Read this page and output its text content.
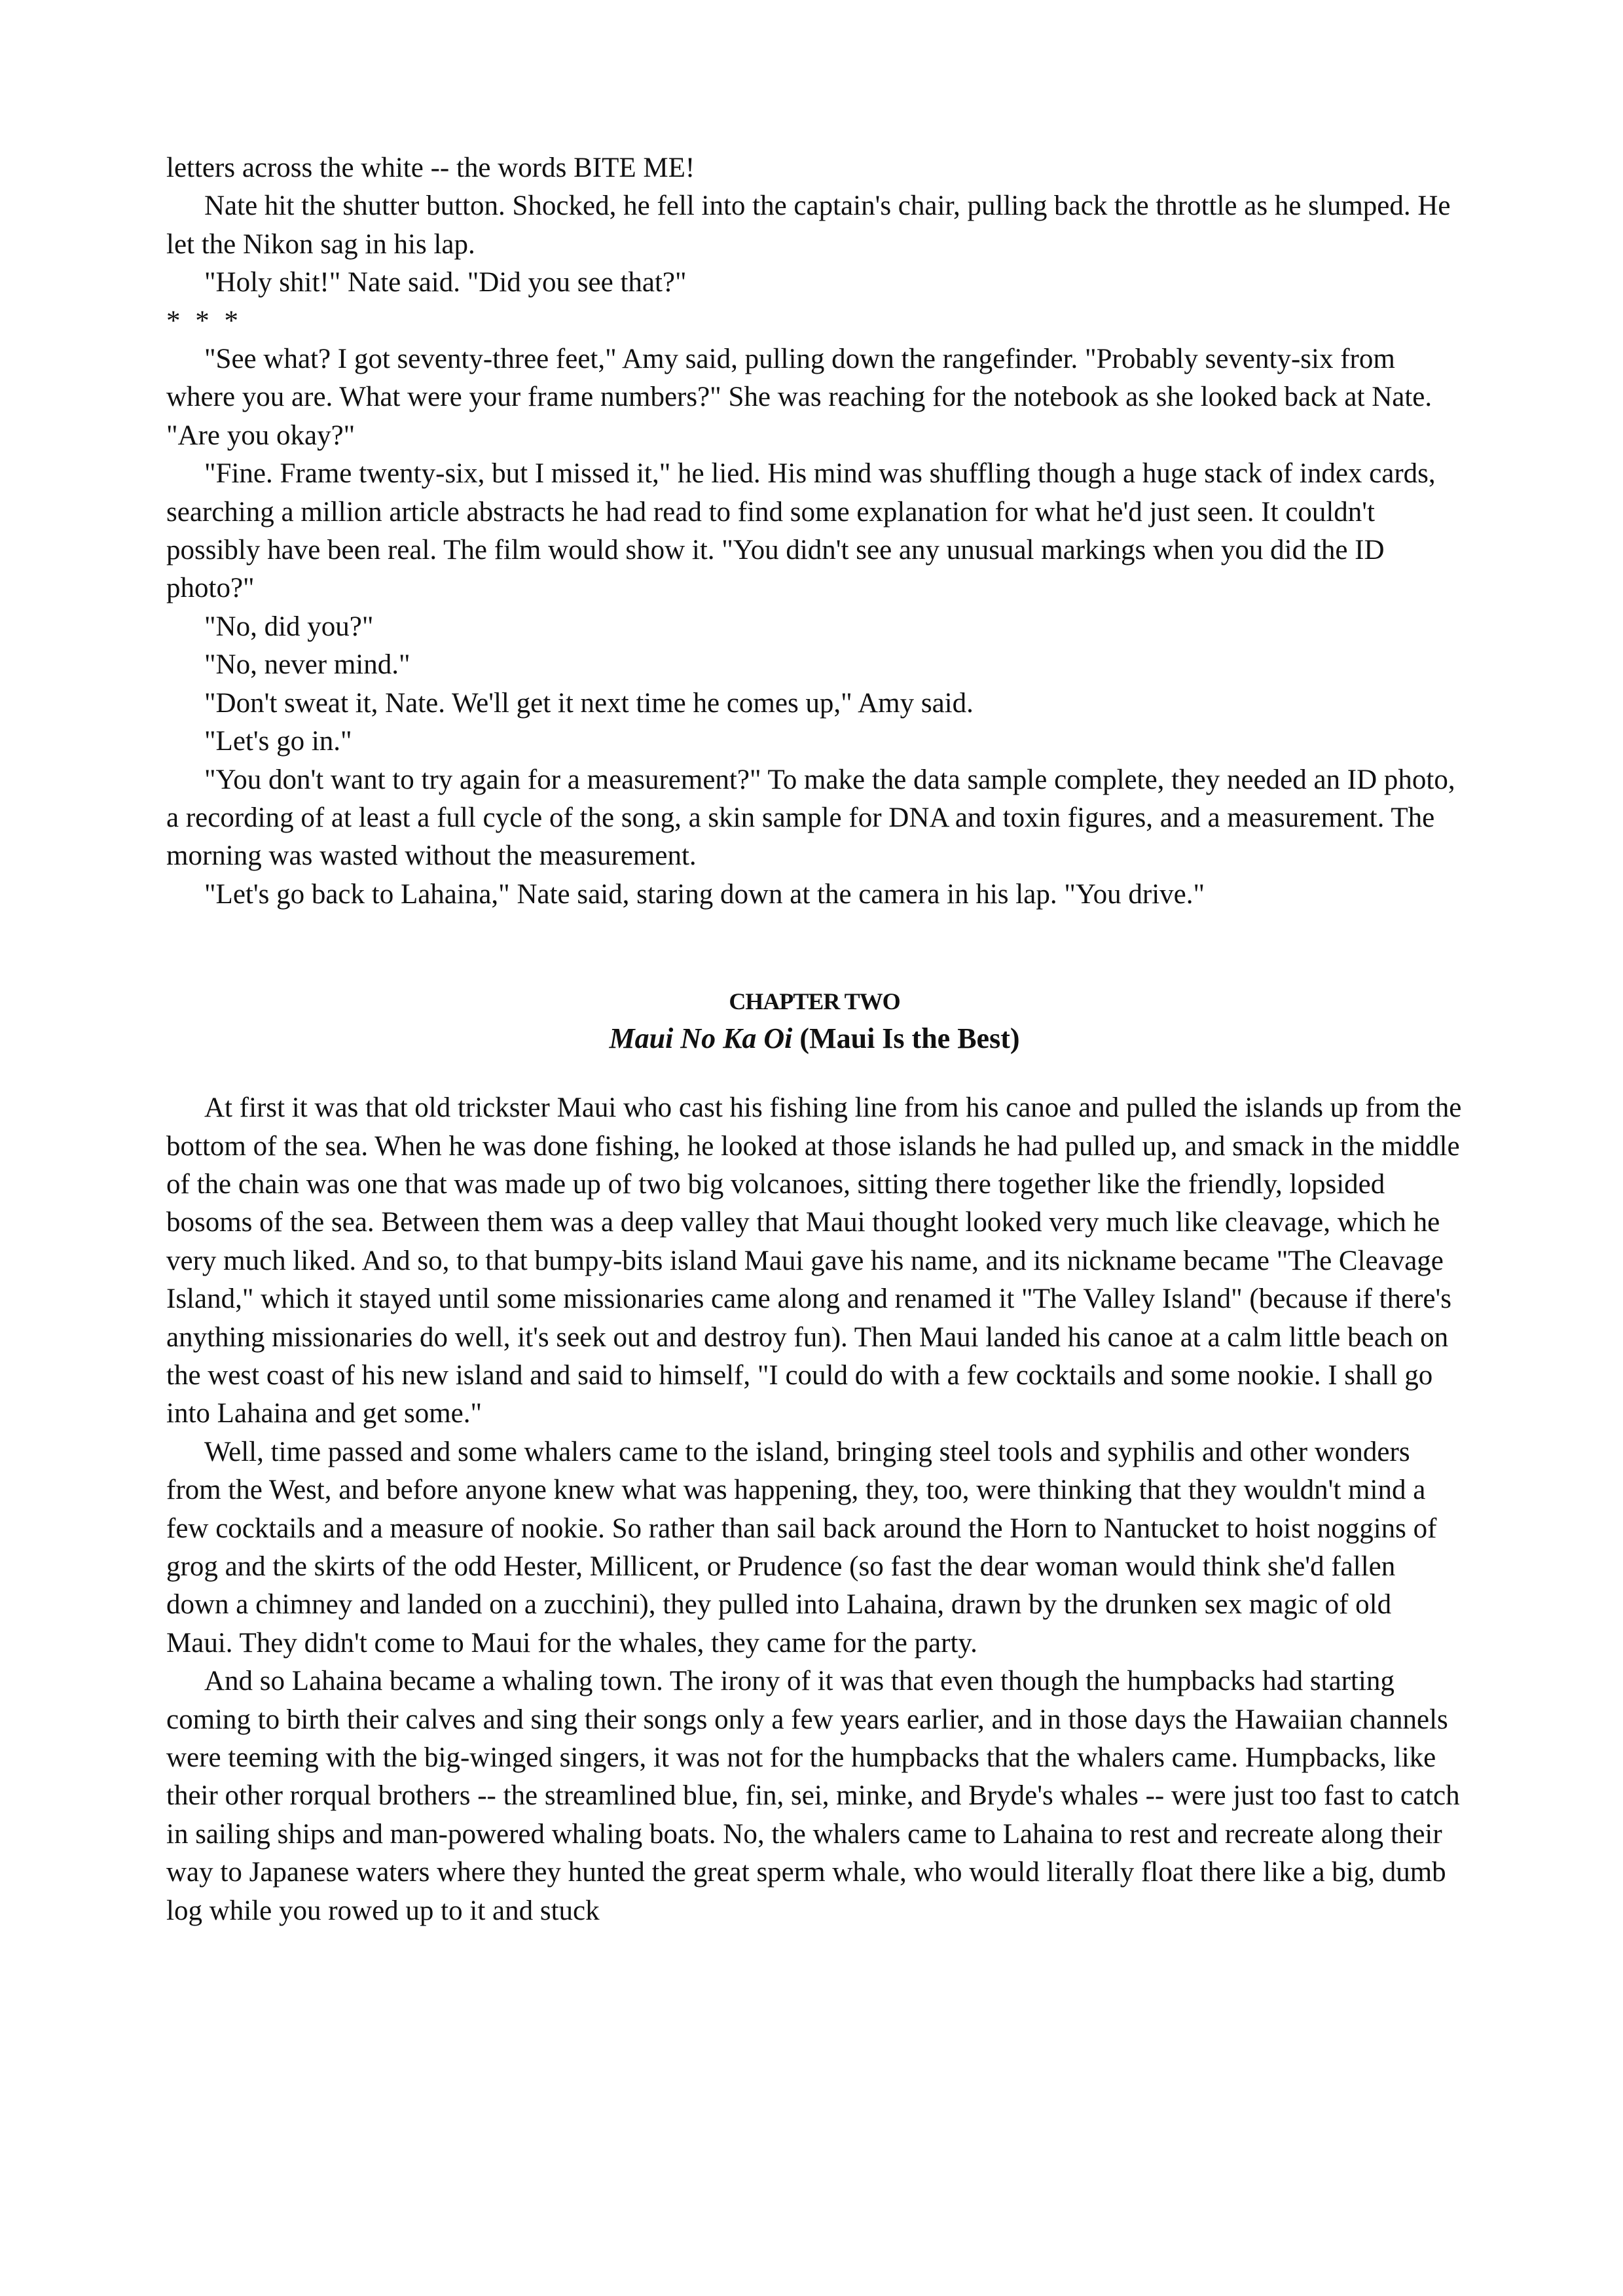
letters across the white -- the words BITE ME!

Nate hit the shutter button. Shocked, he fell into the captain's chair, pulling back the throttle as he slumped. He let the Nikon sag in his lap.

"Holy shit!" Nate said. "Did you see that?"

* * *

"See what? I got seventy-three feet," Amy said, pulling down the rangefinder. "Probably seventy-six from where you are. What were your frame numbers?" She was reaching for the notebook as she looked back at Nate. "Are you okay?"

"Fine. Frame twenty-six, but I missed it," he lied. His mind was shuffling though a huge stack of index cards, searching a million article abstracts he had read to find some explanation for what he'd just seen. It couldn't possibly have been real. The film would show it. "You didn't see any unusual markings when you did the ID photo?"

"No, did you?"

"No, never mind."

"Don't sweat it, Nate. We'll get it next time he comes up," Amy said.

"Let's go in."

"You don't want to try again for a measurement?" To make the data sample complete, they needed an ID photo, a recording of at least a full cycle of the song, a skin sample for DNA and toxin figures, and a measurement. The morning was wasted without the measurement.

"Let's go back to Lahaina," Nate said, staring down at the camera in his lap. "You drive."

CHAPTER TWO
Maui No Ka Oi (Maui Is the Best)

At first it was that old trickster Maui who cast his fishing line from his canoe and pulled the islands up from the bottom of the sea. When he was done fishing, he looked at those islands he had pulled up, and smack in the middle of the chain was one that was made up of two big volcanoes, sitting there together like the friendly, lopsided bosoms of the sea. Between them was a deep valley that Maui thought looked very much like cleavage, which he very much liked. And so, to that bumpy-bits island Maui gave his name, and its nickname became "The Cleavage Island," which it stayed until some missionaries came along and renamed it "The Valley Island" (because if there's anything missionaries do well, it's seek out and destroy fun). Then Maui landed his canoe at a calm little beach on the west coast of his new island and said to himself, "I could do with a few cocktails and some nookie. I shall go into Lahaina and get some."

Well, time passed and some whalers came to the island, bringing steel tools and syphilis and other wonders from the West, and before anyone knew what was happening, they, too, were thinking that they wouldn't mind a few cocktails and a measure of nookie. So rather than sail back around the Horn to Nantucket to hoist noggins of grog and the skirts of the odd Hester, Millicent, or Prudence (so fast the dear woman would think she'd fallen down a chimney and landed on a zucchini), they pulled into Lahaina, drawn by the drunken sex magic of old Maui. They didn't come to Maui for the whales, they came for the party.

And so Lahaina became a whaling town. The irony of it was that even though the humpbacks had starting coming to birth their calves and sing their songs only a few years earlier, and in those days the Hawaiian channels were teeming with the big-winged singers, it was not for the humpbacks that the whalers came. Humpbacks, like their other rorqual brothers -- the streamlined blue, fin, sei, minke, and Bryde's whales -- were just too fast to catch in sailing ships and man-powered whaling boats. No, the whalers came to Lahaina to rest and recreate along their way to Japanese waters where they hunted the great sperm whale, who would literally float there like a big, dumb log while you rowed up to it and stuck
